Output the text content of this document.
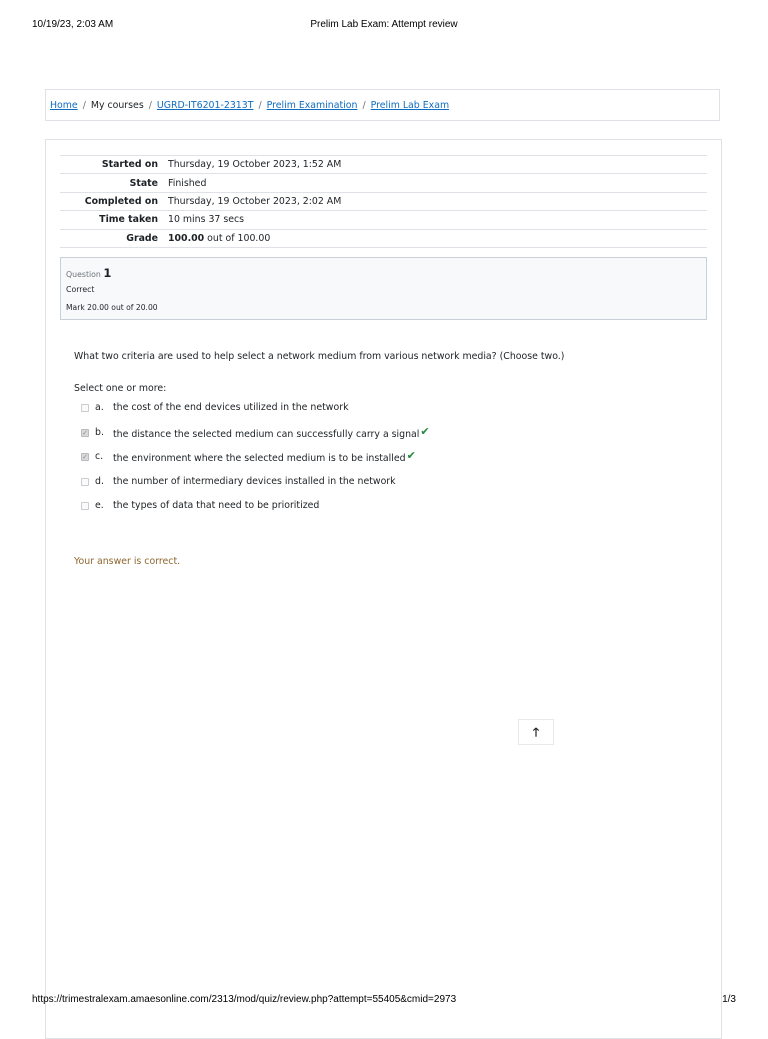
10/19/23, 2:03 AM	Prelim Lab Exam: Attempt review
Home / My courses / UGRD-IT6201-2313T / Prelim Examination / Prelim Lab Exam
Started on	Thursday, 19 October 2023, 1:52 AM
State	Finished
Completed on	Thursday, 19 October 2023, 2:02 AM
Time taken	10 mins 37 secs
Grade	100.00 out of 100.00
Question 1
Correct
Mark 20.00 out of 20.00
What two criteria are used to help select a network medium from various network media? (Choose two.)
Select one or more:
a. the cost of the end devices utilized in the network
✓ b. the distance the selected medium can successfully carry a signal✔
✓ c. the environment where the selected medium is to be installed✔
d. the number of intermediary devices installed in the network
e. the types of data that need to be prioritized
Your answer is correct.
🡑
https://trimestralexam.amaesonline.com/2313/mod/quiz/review.php?attempt=55405&cmid=2973	1/3
